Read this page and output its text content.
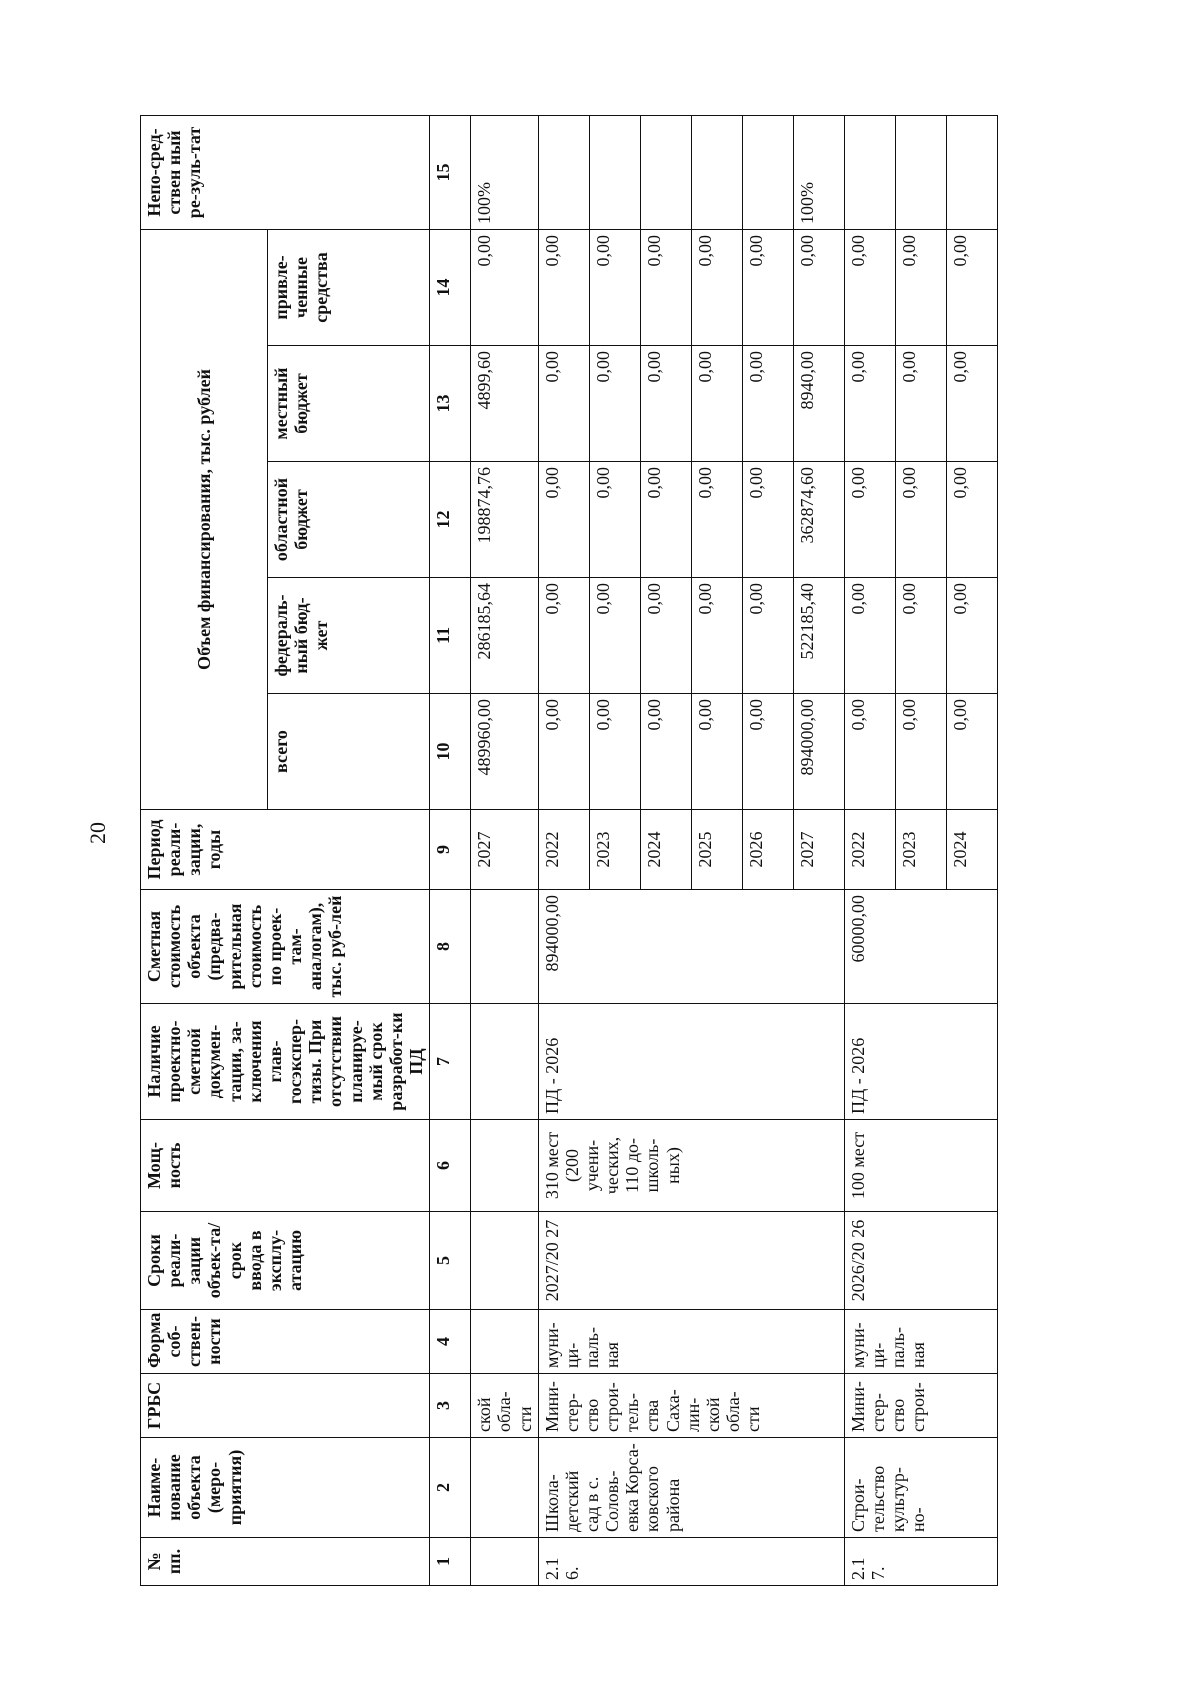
20
№ пп.	Наиме-нование объекта (меро-приятия)	ГРБС	Форма соб-ствен-ности	Сроки реали-зации объек-та/срок ввода в эксплу-атацию	Мощ-ность	Наличие проектно-сметной докумен-тации, за-ключения глав-госэкспер-тизы. При отсутствии планируе-мый срок разработ-ки ПД	Сметная стоимость объекта (предва-рительная стоимость по проек-там-аналогам), тыс. руб-лей	Период реали-зации, годы	Объем финансирования, тыс. рублей					Непо-сред-ствен ный ре-зуль-тат
									всего	федераль-ный бюд-жет	областной бюджет	местный бюджет	привле-ченные средства	
1	2	3	4	5	6	7	8	9	10	11	12	13	14	15
		ской обла-сти						2027	489960,00	286185,64	198874,76	4899,60	0,00	100%
2.1 6.	Школа-детский сад в с. Соловь-евка Корса-ковского района	Мини-стер-ство строи-тель-ства Саха-лин-ской обла-сти	муни-ци-паль-ная	2027/20 27	310 мест (200 учени-ческих, 110 до-школь-ных)	ПД - 2026	894000,00	2022	0,00	0,00	0,00	0,00	0,00	
								2023	0,00	0,00	0,00	0,00	0,00	
								2024	0,00	0,00	0,00	0,00	0,00	
								2025	0,00	0,00	0,00	0,00	0,00	
								2026	0,00	0,00	0,00	0,00	0,00	
								2027	894000,00	522185,40	362874,60	8940,00	0,00	100%
2.1 7.	Строи-тельство культур-но-	Мини-стер-ство строи-	муни-ци-паль-ная	2026/20 26	100 мест	ПД - 2026	60000,00	2022	0,00	0,00	0,00	0,00	0,00	
								2023	0,00	0,00	0,00	0,00	0,00	
								2024	0,00	0,00	0,00	0,00	0,00	
